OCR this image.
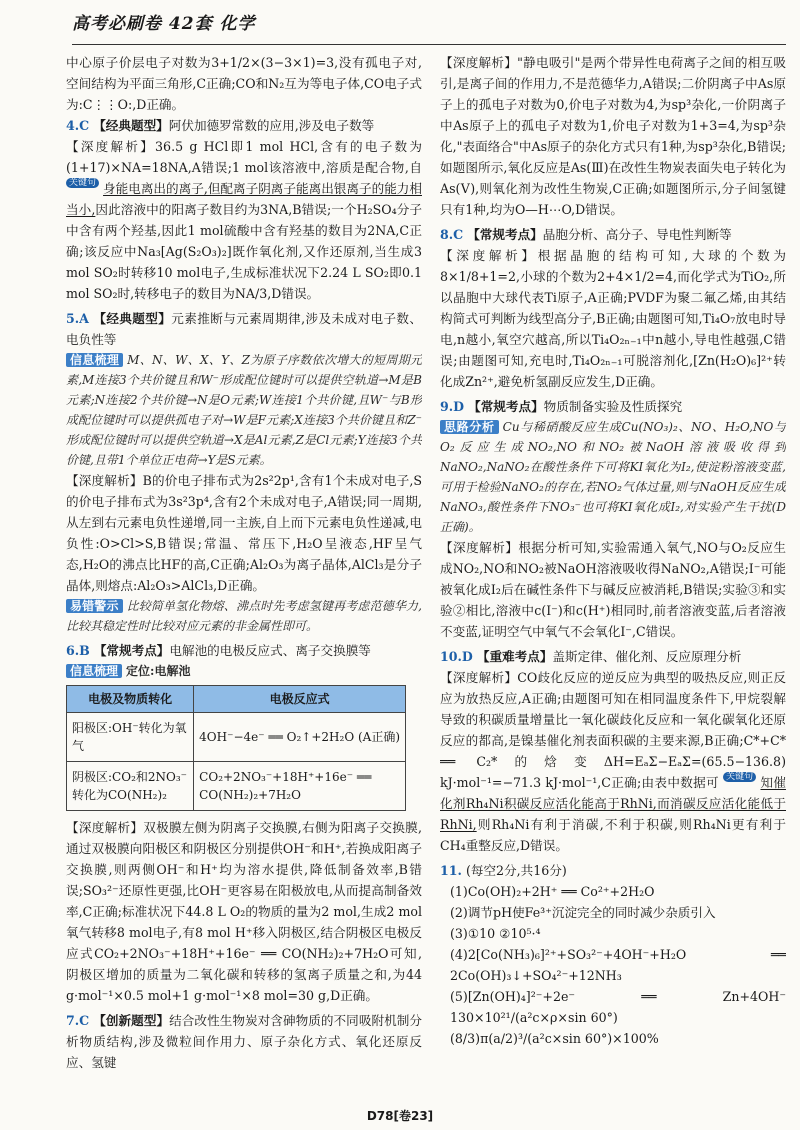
高考必刷卷 42套 化学

中心原子价层电子对数为3+1/2×(3−3×1)=3,没有孤电子对,空间结构为平面三角形,C正确;CO和N₂互为等电子体,CO电子式为:C⋮⋮O:,D正确。

4.C 【经典题型】阿伏加德罗常数的应用,涉及电子数等

【深度解析】36.5 g HCl即1 mol HCl,含有的电子数为(1+17)×NA=18NA,A错误;1 mol该溶液中,溶质是配合物,自 关键句 身能电离出的离子,但配离子阴离子能离出银离子的能力相当小,因此溶液中的阳离子数目约为3NA,B错误;一个H₂SO₄分子中含有两个羟基,因此1 mol硫酸中含有羟基的数目为2NA,C正确;该反应中Na₃[Ag(S₂O₃)₂]既作氧化剂,又作还原剂,当生成3 mol SO₂时转移10 mol电子,生成标准状况下2.24 L SO₂即0.1 mol SO₂时,转移电子的数目为NA/3,D错误。

5.A 【经典题型】元素推断与元素周期律,涉及未成对电子数、电负性等

信息梳理 M、N、W、X、Y、Z为原子序数依次增大的短周期元素,M连接3个共价键且和W⁻形成配位键时可以提供空轨道→M是B元素;N连接2个共价键→N是O元素;W连接1个共价键,且W⁻与B形成配位键时可以提供孤电子对→W是F元素;X连接3个共价键且和Z⁻形成配位键时可以提供空轨道→X是Al元素,Z是Cl元素;Y连接3个共价键,且带1个单位正电荷→Y是S元素。

【深度解析】B的价电子排布式为2s²2p¹,含有1个未成对电子,S的价电子排布式为3s²3p⁴,含有2个未成对电子,A错误;同一周期,从左到右元素电负性递增,同一主族,自上而下元素电负性递减,电负性:O>Cl>S,B错误;常温、常压下,H₂O呈液态,HF呈气态,H₂O的沸点比HF的高,C正确;Al₂O₃为离子晶体,AlCl₃是分子晶体,则熔点:Al₂O₃>AlCl₃,D正确。

易错警示 比较简单氢化物熔、沸点时先考虑氢键再考虑范德华力,比较其稳定性时比较对应元素的非金属性即可。

6.B 【常规考点】电解池的电极反应式、离子交换膜等

信息梳理 定位:电解池

电极及物质转化	电极反应式
阳极区:OH⁻转化为氧气	4OH⁻−4e⁻ ══ O₂↑+2H₂O (A正确)
阴极区:CO₂和2NO₃⁻转化为CO(NH₂)₂	CO₂+2NO₃⁻+18H⁺+16e⁻ ══ CO(NH₂)₂+7H₂O

【深度解析】双极膜左侧为阴离子交换膜,右侧为阳离子交换膜,通过双极膜向阳极区和阴极区分别提供OH⁻和H⁺,若换成阳离子交换膜,则两侧OH⁻和H⁺均为溶水提供,降低制备效率,B错误;SO₃²⁻还原性更强,比OH⁻更容易在阳极放电,从而提高制备效率,C正确;标准状况下44.8 L O₂的物质的量为2 mol,生成2 mol氧气转移8 mol电子,有8 mol H⁺移入阴极区,结合阴极区电极反应式CO₂+2NO₃⁻+18H⁺+16e⁻ ══ CO(NH₂)₂+7H₂O可知,阴极区增加的质量为二氧化碳和转移的氢离子质量之和,为44 g·mol⁻¹×0.5 mol+1 g·mol⁻¹×8 mol=30 g,D正确。

7.C 【创新题型】结合改性生物炭对含砷物质的不同吸附机制分析物质结构,涉及微粒间作用力、原子杂化方式、氧化还原反应、氢键

【深度解析】"静电吸引"是两个带异性电荷离子之间的相互吸引,是离子间的作用力,不是范德华力,A错误;二价阴离子中As原子上的孤电子对数为0,价电子对数为4,为sp³杂化,一价阴离子中As原子上的孤电子对数为1,价电子对数为1+3=4,为sp³杂化,"表面络合"中As原子的杂化方式只有1种,为sp³杂化,B错误;如题图所示,氧化反应是As(Ⅲ)在改性生物炭表面失电子转化为As(Ⅴ),则氧化剂为改性生物炭,C正确;如题图所示,分子间氢键只有1种,均为O—H⋯O,D错误。

8.C 【常规考点】晶胞分析、高分子、导电性判断等

【深度解析】根据晶胞的结构可知,大球的个数为8×1/8+1=2,小球的个数为2+4×1/2=4,而化学式为TiO₂,所以晶胞中大球代表Ti原子,A正确;PVDF为聚二氟乙烯,由其结构简式可判断为线型高分子,B正确;由题图可知,Ti₄O₇放电时导电,n越小,氧空穴越高,所以Ti₄O₂ₙ₋₁中n越小,导电性越强,C错误;由题图可知,充电时,Ti₄O₂ₙ₋₁可脱溶剂化,[Zn(H₂O)₆]²⁺转化成Zn²⁺,避免析氢副反应发生,D正确。

9.D 【常规考点】物质制备实验及性质探究

思路分析 Cu与稀硝酸反应生成Cu(NO₃)₂、NO、H₂O,NO与O₂反应生成NO₂,NO和NO₂被NaOH溶液吸收得到NaNO₂,NaNO₂在酸性条件下可将KI氧化为I₂,使淀粉溶液变蓝,可用于检验NaNO₂的存在,若NO₂气体过量,则与NaOH反应生成NaNO₃,酸性条件下NO₃⁻也可将KI氧化成I₂,对实验产生干扰(D正确)。

【深度解析】根据分析可知,实验需通入氧气,NO与O₂反应生成NO₂,NO和NO₂被NaOH溶液吸收得NaNO₂,A错误;I⁻可能被氧化成I₂后在碱性条件下与碱反应被消耗,B错误;实验③和实验②相比,溶液中c(I⁻)和c(H⁺)相同时,前者溶液变蓝,后者溶液不变蓝,证明空气中氧气不会氧化I⁻,C错误。

10.D 【重难考点】盖斯定律、催化剂、反应原理分析

【深度解析】CO歧化反应的逆反应为典型的吸热反应,则正反应为放热反应,A正确;由题图可知在相同温度条件下,甲烷裂解导致的积碳质量增量比一氧化碳歧化反应和一氧化碳氧化还原反应的都高,是镍基催化剂表面积碳的主要来源,B正确;C*+C* ══ C₂*的焓变ΔH=EₐΣ−EₐΣ=(65.5−136.8) kJ·mol⁻¹=−71.3 kJ·mol⁻¹,C正确;由表中数据可 关键句 知催化剂Rh₄Ni积碳反应活化能高于RhNi,而消碳反应活化能低于RhNi,则Rh₄Ni有利于消碳,不利于积碳,则Rh₄Ni更有利于CH₄重整反应,D错误。

11. (每空2分,共16分)

(1)Co(OH)₂+2H⁺ ══ Co²⁺+2H₂O

(2)调节pH使Fe³⁺沉淀完全的同时减少杂质引入

(3)①10 ②10⁵·⁴

(4)2[Co(NH₃)₆]²⁺+SO₃²⁻+4OH⁻+H₂O ══ 2Co(OH)₃↓+SO₄²⁻+12NH₃

(5)[Zn(OH)₄]²⁻+2e⁻ ══ Zn+4OH⁻ 130×10²¹/(a²c×ρ×sin 60°)

(8/3)π(a/2)³/(a²c×sin 60°)×100%

D78[卷23]
